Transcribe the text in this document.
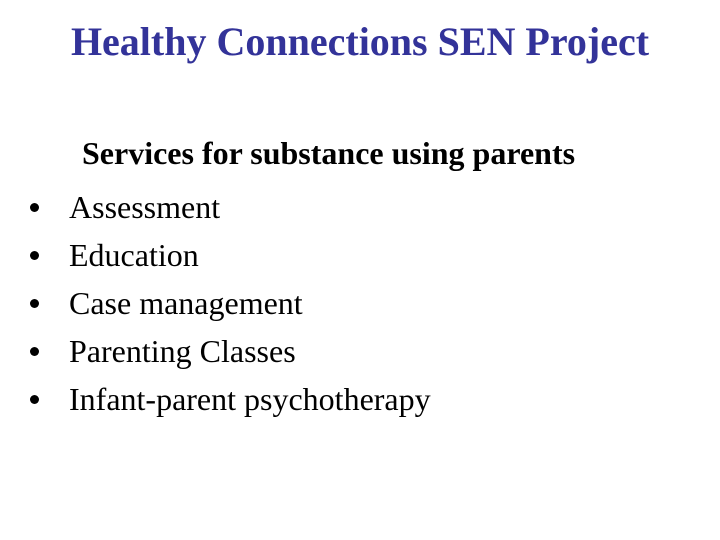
Healthy Connections SEN Project
Services for substance using parents
Assessment
Education
Case management
Parenting Classes
Infant-parent psychotherapy
